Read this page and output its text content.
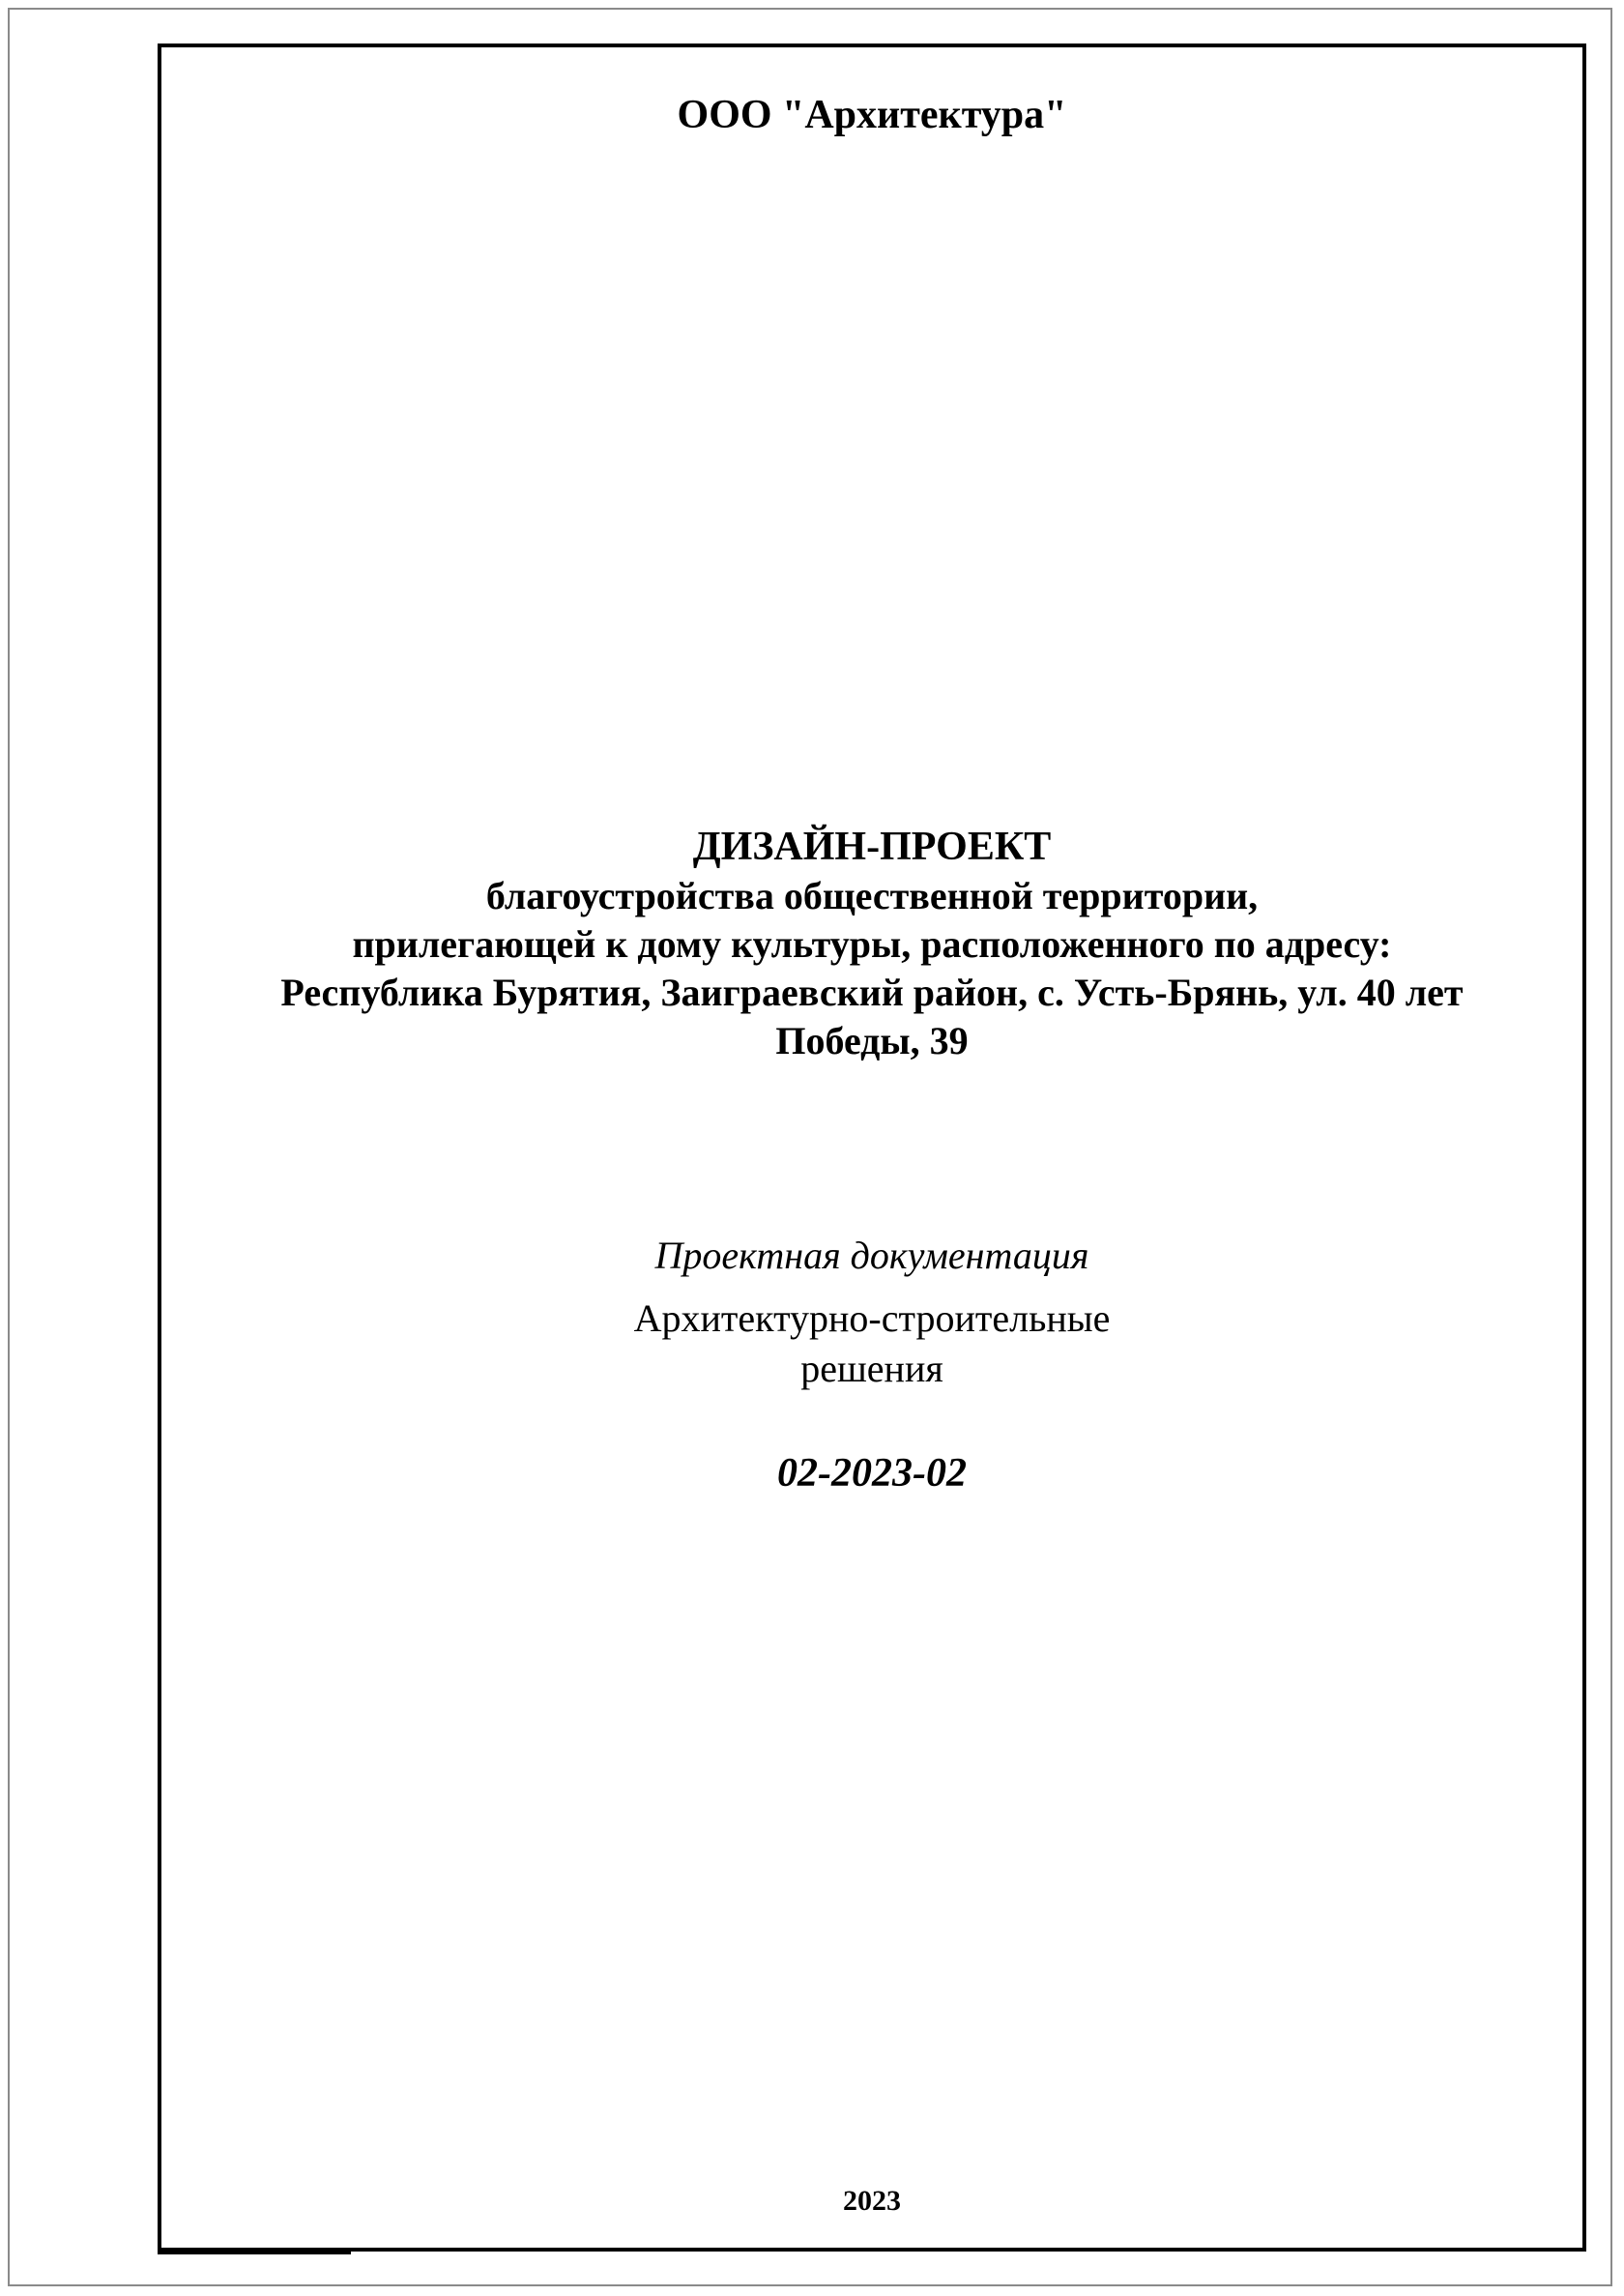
ООО "Архитектура"
ДИЗАЙН-ПРОЕКТ
благоустройства общественной территории,
прилегающей к дому культуры, расположенного по адресу:
Республика Бурятия, Заиграевский район, с. Усть-Брянь, ул. 40 лет
Победы, 39
Проектная документация
Архитектурно-строительные
решения
02-2023-02
2023
